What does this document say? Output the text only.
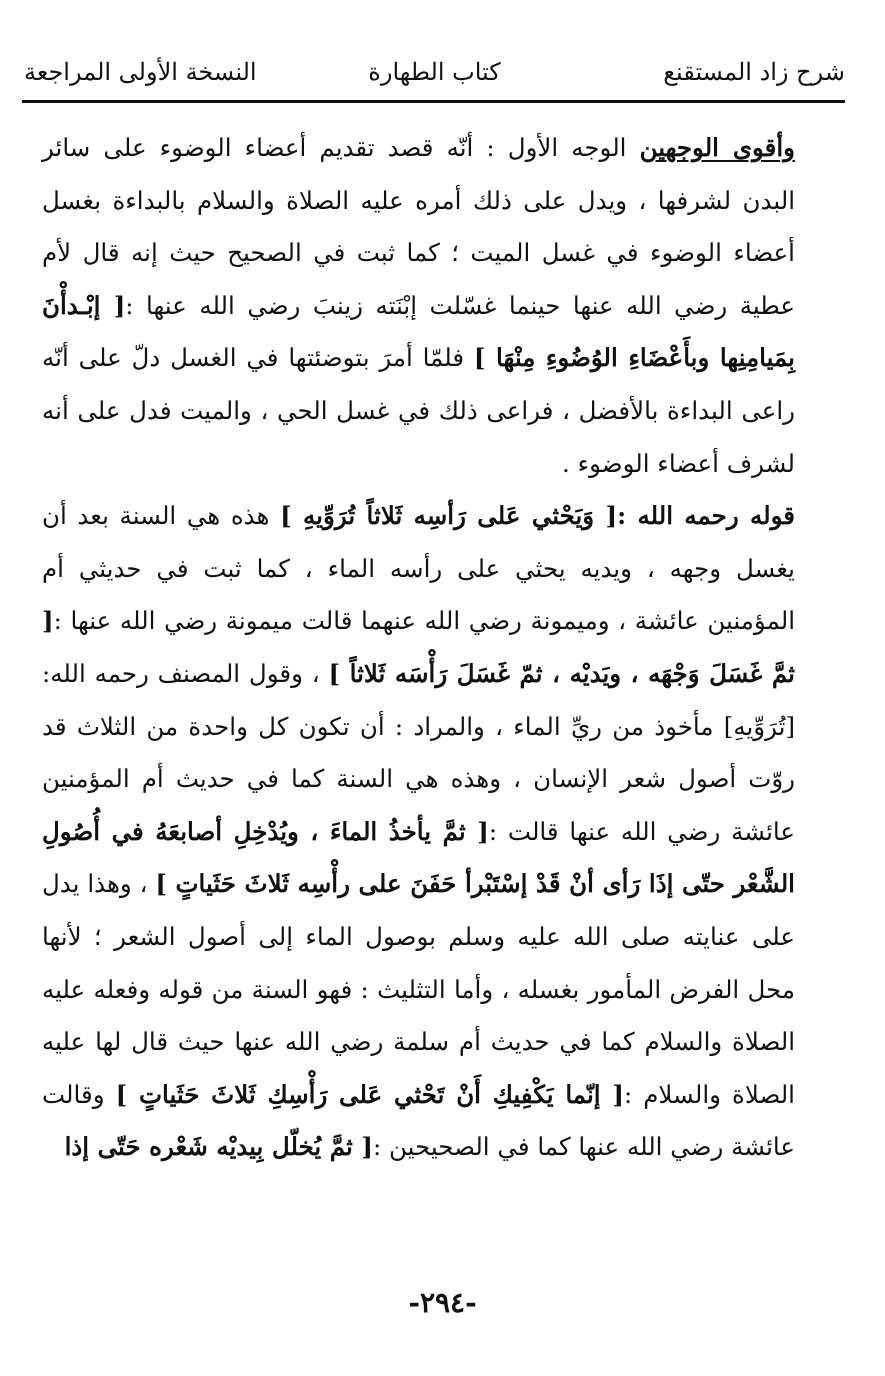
شرح زاد المستقنع
كتاب الطهارة
النسخة الأولى المراجعة

وأقوى الوجهين الوجه الأول : أنّه قصد تقديم أعضاء الوضوء على سائر البدن لشرفها ، ويدل على ذلك أمره عليه الصلاة والسلام بالبداءة بغسل أعضاء الوضوء في غسل الميت ؛ كما ثبت في الصحيح حيث إنه قال لأم عطية رضي الله عنها حينما غسّلت إبْنَته زينبَ رضي الله عنها :[ إبْـدأْنَ بِمَيامِنِها وبأَعْضَاءِ الوُضُوءِ مِنْهَا ] فلمّا أمرَ بتوضئتها في الغسل دلّ على أنّه راعى البداءة بالأفضل ، فراعى ذلك في غسل الحي ، والميت فدل على أنه لشرف أعضاء الوضوء .

قوله رحمه الله :[ وَيَحْثي عَلى رَأسِه ثَلاثاً تُرَوِّيهِ ] هذه هي السنة بعد أن يغسل وجهه ، ويديه يحثي على رأسه الماء ، كما ثبت في حديثي أم المؤمنين عائشة ، وميمونة رضي الله عنهما قالت ميمونة رضي الله عنها :[ ثمَّ غَسَلَ وَجْهَه ، ويَديْه ، ثمّ غَسَلَ رَأْسَه ثَلاثاً ] ، وقول المصنف رحمه الله: [تُرَوِّيهِ] مأخوذ من ريِّ الماء ، والمراد : أن تكون كل واحدة من الثلاث قد روّت أصول شعر الإنسان ، وهذه هي السنة كما في حديث أم المؤمنين عائشة رضي الله عنها قالت :[ ثمَّ يأخذُ الماءَ ، ويُدْخِلِ أصابعَهُ في أُصُولِ الشَّعْر حتّى إذَا رَأى أنْ قَدْ إسْتَبْرأ حَفَنَ على رأْسِه ثَلاثَ حَثَياتٍ ] ، وهذا يدل على عنايته صلى الله عليه وسلم بوصول الماء إلى أصول الشعر ؛ لأنها محل الفرض المأمور بغسله ، وأما التثليث : فهو السنة من قوله وفعله عليه الصلاة والسلام كما في حديث أم سلمة رضي الله عنها حيث قال لها عليه الصلاة والسلام :[ إنّما يَكْفِيكِ أَنْ تَحْثي عَلى رَأْسِكِ ثَلاثَ حَثَياتٍ ] وقالت عائشة رضي الله عنها كما في الصحيحين :[ ثمَّ يُخلّل بِيديْه شَعْره حَتّى إذا

-٢٩٤-
